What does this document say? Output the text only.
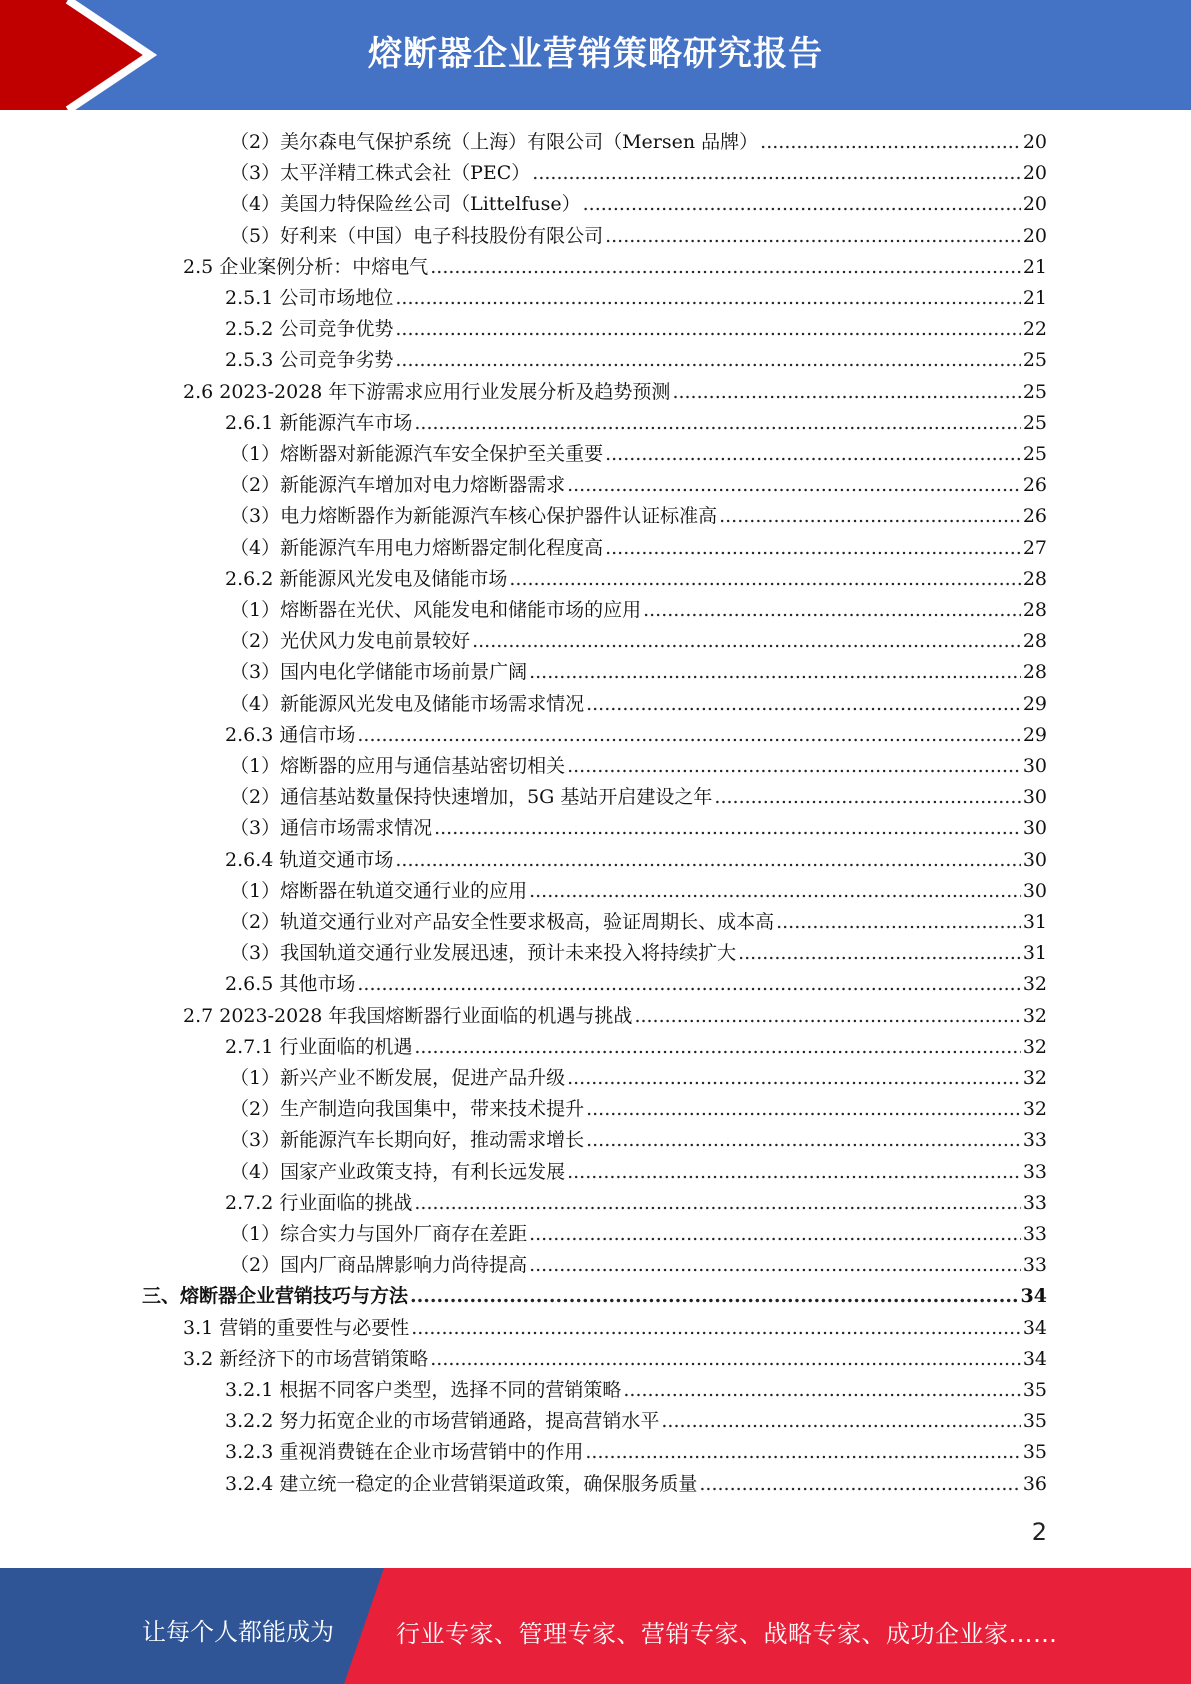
熔断器企业营销策略研究报告
（2）美尔森电气保护系统（上海）有限公司（Mersen 品牌） .....	20
（3）太平洋精工株式会社（PEC） .....	20
（4）美国力特保险丝公司（Littelfuse） .....	20
（5）好利来（中国）电子科技股份有限公司 .....	20
2.5 企业案例分析：中熔电气 .....	21
2.5.1 公司市场地位 .....	21
2.5.2 公司竞争优势 .....	22
2.5.3 公司竞争劣势 .....	25
2.6 2023-2028 年下游需求应用行业发展分析及趋势预测 .....	25
2.6.1 新能源汽车市场 .....	25
（1）熔断器对新能源汽车安全保护至关重要 .....	25
（2）新能源汽车增加对电力熔断器需求 .....	26
（3）电力熔断器作为新能源汽车核心保护器件认证标准高 .....	26
（4）新能源汽车用电力熔断器定制化程度高 .....	27
2.6.2 新能源风光发电及储能市场 .....	28
（1）熔断器在光伏、风能发电和储能市场的应用 .....	28
（2）光伏风力发电前景较好 .....	28
（3）国内电化学储能市场前景广阔 .....	28
（4）新能源风光发电及储能市场需求情况 .....	29
2.6.3 通信市场 .....	29
（1）熔断器的应用与通信基站密切相关 .....	30
（2）通信基站数量保持快速增加，5G 基站开启建设之年 .....	30
（3）通信市场需求情况 .....	30
2.6.4 轨道交通市场 .....	30
（1）熔断器在轨道交通行业的应用 .....	30
（2）轨道交通行业对产品安全性要求极高，验证周期长、成本高 .....	31
（3）我国轨道交通行业发展迅速，预计未来投入将持续扩大 .....	31
2.6.5 其他市场 .....	32
2.7 2023-2028 年我国熔断器行业面临的机遇与挑战 .....	32
2.7.1 行业面临的机遇 .....	32
（1）新兴产业不断发展，促进产品升级 .....	32
（2）生产制造向我国集中，带来技术提升 .....	32
（3）新能源汽车长期向好，推动需求增长 .....	33
（4）国家产业政策支持，有利长远发展 .....	33
2.7.2 行业面临的挑战 .....	33
（1）综合实力与国外厂商存在差距 .....	33
（2）国内厂商品牌影响力尚待提高 .....	33
三、熔断器企业营销技巧与方法 .....	34
3.1 营销的重要性与必要性 .....	34
3.2 新经济下的市场营销策略 .....	34
3.2.1 根据不同客户类型，选择不同的营销策略 .....	35
3.2.2 努力拓宽企业的市场营销通路，提高营销水平 .....	35
3.2.3 重视消费链在企业市场营销中的作用 .....	35
3.2.4 建立统一稳定的企业营销渠道政策，确保服务质量 .....	36
2
让每个人都能成为	行业专家、管理专家、营销专家、战略专家、成功企业家……
